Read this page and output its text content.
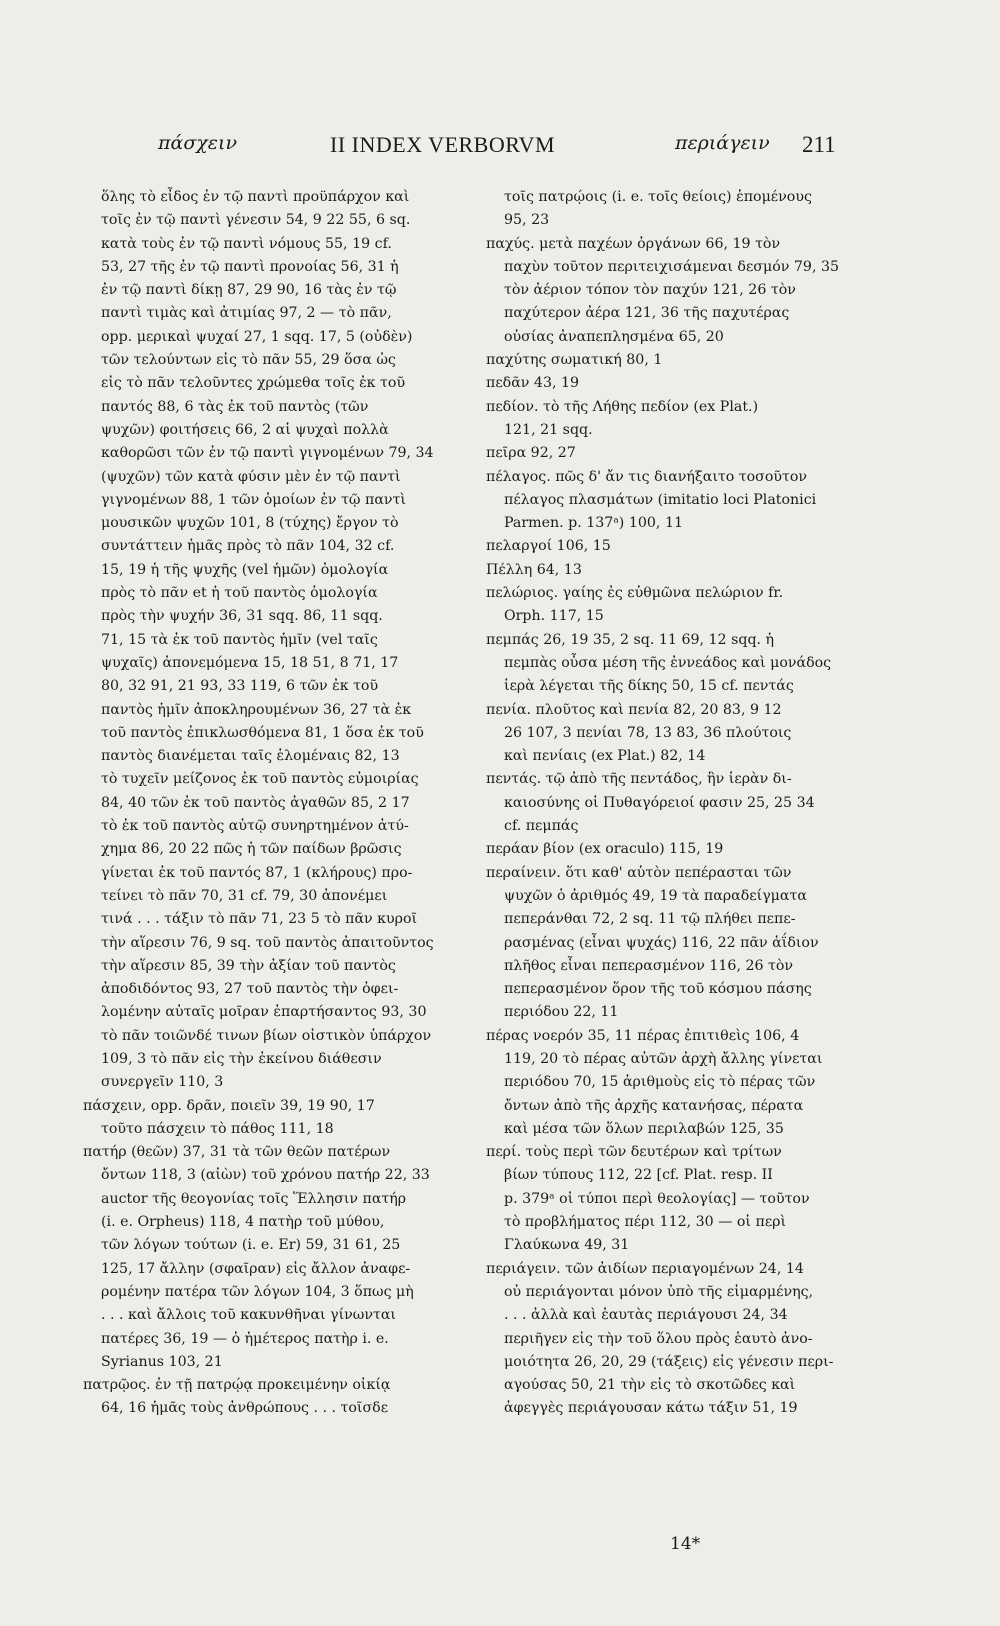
πάσχειν	II INDEX VERBORVM	περιάγειν 211
ὅλης τὸ εἶδος ἐν τῷ παντὶ προϋπάρχον καὶ
τοῖς ἐν τῷ παντὶ γένεσιν 54, 9 22 55, 6 sq.
κατὰ τοὺς ἐν τῷ παντὶ νόμους 55, 19 cf.
53, 27 τῆς ἐν τῷ παντὶ προνοίας 56, 31 ἡ
ἐν τῷ παντὶ δίκῃ 87, 29 90, 16 τὰς ἐν τῷ
παντὶ τιμὰς καὶ ἀτιμίας 97, 2 — τὸ πᾶν,
opp. μερικαὶ ψυχαί 27, 1 sqq. 17, 5 (οὐδὲν)
τῶν τελούντων εἰς τὸ πᾶν 55, 29 ὅσα ὡς
εἰς τὸ πᾶν τελοῦντες χρώμεθα τοῖς ἐκ τοῦ
παντός 88, 6 τὰς ἐκ τοῦ παντὸς (τῶν
ψυχῶν) φοιτήσεις 66, 2 αἱ ψυχαὶ πολλὰ
καθορῶσι τῶν ἐν τῷ παντὶ γιγνομένων 79, 34
(ψυχῶν) τῶν κατὰ φύσιν μὲν ἐν τῷ παντὶ
γιγνομένων 88, 1 τῶν ὁμοίων ἐν τῷ παντὶ
μουσικῶν ψυχῶν 101, 8 (τύχης) ἔργον τὸ
συντάττειν ἡμᾶς πρὸς τὸ πᾶν 104, 32 cf.
15, 19 ἡ τῆς ψυχῆς (vel ἡμῶν) ὁμολογία
πρὸς τὸ πᾶν et ἡ τοῦ παντὸς ὁμολογία
πρὸς τὴν ψυχήν 36, 31 sqq. 86, 11 sqq.
71, 15 τὰ ἐκ τοῦ παντὸς ἡμῖν (vel ταῖς
ψυχαῖς) ἀπονεμόμενα 15, 18 51, 8 71, 17
80, 32 91, 21 93, 33 119, 6 τῶν ἐκ τοῦ
παντὸς ἡμῖν ἀποκληρουμένων 36, 27 τὰ ἐκ
τοῦ παντὸς ἐπικλωσθόμενα 81, 1 ὅσα ἐκ τοῦ
παντὸς διανέμεται ταῖς ἑλομέναις 82, 13
τὸ τυχεῖν μείζονος ἐκ τοῦ παντὸς εὐμοιρίας
84, 40 τῶν ἐκ τοῦ παντὸς ἀγαθῶν 85, 2 17
τὸ ἐκ τοῦ παντὸς αὐτῷ συνηρτημένον ἀτύ-
χημα 86, 20 22 πῶς ἡ τῶν παίδων βρῶσις
γίνεται ἐκ τοῦ παντός 87, 1 (κλήρους) προ-
τείνει τὸ πᾶν 70, 31 cf. 79, 30 ἀπονέμει
τινά . . . τάξιν τὸ πᾶν 71, 23 5 τὸ πᾶν κυροῖ
τὴν αἵρεσιν 76, 9 sq. τοῦ παντὸς ἀπαιτοῦντος
τὴν αἵρεσιν 85, 39 τὴν ἀξίαν τοῦ παντὸς
ἀποδιδόντος 93, 27 τοῦ παντὸς τὴν ὀφει-
λομένην αὐταῖς μοῖραν ἐπαρτήσαντος 93, 30
τὸ πᾶν τοιῶνδέ τινων βίων οἰστικὸν ὑπάρχον
109, 3 τὸ πᾶν εἰς τὴν ἐκείνου διάθεσιν
συνεργεῖν 110, 3
πάσχειν, opp. δρᾶν, ποιεῖν 39, 19 90, 17
τοῦτο πάσχειν τὸ πάθος 111, 18
πατήρ (θεῶν) 37, 31 τὰ τῶν θεῶν πατέρων
ὄντων 118, 3 (αἰὼν) τοῦ χρόνου πατήρ 22, 33
auctor τῆς θεογονίας τοῖς Ἕλλησιν πατήρ
(i. e. Orpheus) 118, 4 πατὴρ τοῦ μύθου,
τῶν λόγων τούτων (i. e. Er) 59, 31 61, 25
125, 17 ἄλλην (σφαῖραν) εἰς ἄλλον ἀναφε-
ρομένην πατέρα τῶν λόγων 104, 3 ὅπως μὴ
. . . καὶ ἄλλοις τοῦ κακυνθῆναι γίνωνται
πατέρες 36, 19 — ὁ ἡμέτερος πατὴρ i. e.
Syrianus 103, 21
πατρῷος. ἐν τῇ πατρῴᾳ προκειμένην οἰκίᾳ
64, 16 ἡμᾶς τοὺς ἀνθρώπους . . . τοῖσδε
τοῖς πατρῴοις (i. e. τοῖς θείοις) ἑπομένους
95, 23
παχύς. μετὰ παχέων ὀργάνων 66, 19 τὸν
παχὺν τοῦτον περιτειχισάμεναι δεσμόν 79, 35
τὸν ἀέριον τόπον τὸν παχύν 121, 26 τὸν
παχύτερον ἀέρα 121, 36 τῆς παχυτέρας
οὐσίας ἀναπεπλησμένα 65, 20
παχύτης σωματική 80, 1
πεδᾶν 43, 19
πεδίον. τὸ τῆς Λήθης πεδίον (ex Plat.)
121, 21 sqq.
πεῖρα 92, 27
πέλαγος. πῶς δ' ἄν τις διανήξαιτο τοσοῦτον
πέλαγος πλασμάτων (imitatio loci Platonici
Parmen. p. 137ᵃ) 100, 11
πελαργοί 106, 15
Πέλλη 64, 13
πελώριος. γαίης ἐς εὐθμῶνα πελώριον fr.
Orph. 117, 15
πεμπάς 26, 19 35, 2 sq. 11 69, 12 sqq. ἡ
πεμπὰς οὖσα μέση τῆς ἐννεάδος καὶ μονάδος
ἱερὰ λέγεται τῆς δίκης 50, 15 cf. πεντάς
πενία. πλοῦτος καὶ πενία 82, 20 83, 9 12
26 107, 3 πενίαι 78, 13 83, 36 πλούτοις
καὶ πενίαις (ex Plat.) 82, 14
πεντάς. τῷ ἀπὸ τῆς πεντάδος, ἣν ἱερὰν δι-
καιοσύνης οἱ Πυθαγόρειοί φασιν 25, 25 34
cf. πεμπάς
περάαν βίον (ex oraculo) 115, 19
περαίνειν. ὅτι καθ' αὑτὸν πεπέρασται τῶν
ψυχῶν ὁ ἀριθμός 49, 19 τὰ παραδείγματα
πεπεράνθαι 72, 2 sq. 11 τῷ πλήθει πεπε-
ρασμένας (εἶναι ψυχάς) 116, 22 πᾶν ἀΐδιον
πλῆθος εἶναι πεπερασμένον 116, 26 τὸν
πεπερασμένον ὅρον τῆς τοῦ κόσμου πάσης
περιόδου 22, 11
πέρας νοερόν 35, 11 πέρας ἐπιτιθεὶς 106, 4
119, 20 τὸ πέρας αὐτῶν ἀρχὴ ἄλλης γίνεται
περιόδου 70, 15 ἀριθμοὺς εἰς τὸ πέρας τῶν
ὄντων ἀπὸ τῆς ἀρχῆς κατανήσας, πέρατα
καὶ μέσα τῶν ὅλων περιλαβών 125, 35
περί. τοὺς περὶ τῶν δευτέρων καὶ τρίτων
βίων τύπους 112, 22 [cf. Plat. resp. II
p. 379ᵃ οἱ τύποι περὶ θεολογίας] — τοῦτον
τὸ προβλήματος πέρι 112, 30 — οἱ περὶ
Γλαύκωνα 49, 31
περιάγειν. τῶν ἀιδίων περιαγομένων 24, 14
οὐ περιάγονται μόνον ὑπὸ τῆς εἱμαρμένης,
. . . ἀλλὰ καὶ ἑαυτὰς περιάγουσι 24, 34
περιῆγεν εἰς τὴν τοῦ ὅλου πρὸς ἑαυτὸ ἀνο-
μοιότητα 26, 20, 29 (τάξεις) εἰς γένεσιν περι-
αγούσας 50, 21 τὴν εἰς τὸ σκοτῶδες καὶ
ἀφεγγὲς περιάγουσαν κάτω τάξιν 51, 19
14*
